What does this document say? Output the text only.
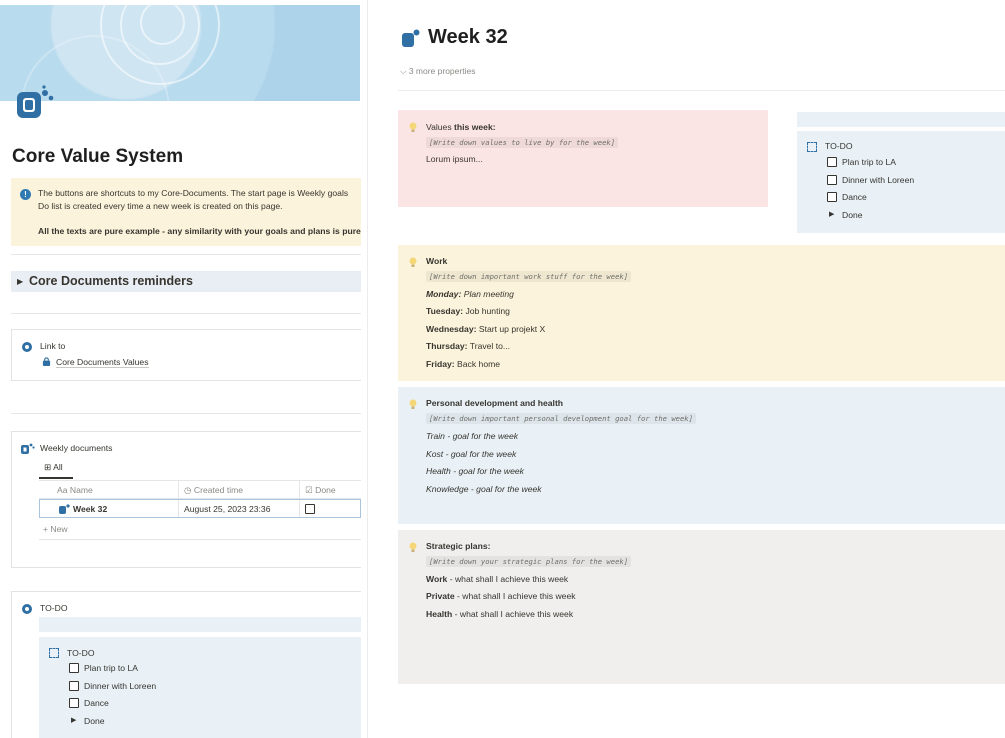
Core Value System
!	The buttons are shortcuts to my Core-Documents. The start page is Weekly goals
Do list is created every time a new week is created on this page.
All the texts are pure example - any similarity with your goals and plans is pure
▶ Core Documents reminders
Link to
Core Documents Values
Weekly documents
⊞ All
Aa Name	◷ Created time	☑ Done
Week 32	August 25, 2023 23:36
+ New
TO-DO
TO-DO
Plan trip to LA
Dinner with Loreen
Dance
▶ Done
Week 32
⌵ 3 more properties
Values this week:
[Write down values to live by for the week]
Lorum ipsum...
TO-DO
Plan trip to LA
Dinner with Loreen
Dance
▶ Done
Work
[Write down important work stuff for the week]
Monday: Plan meeting
Tuesday: Job hunting
Wednesday: Start up projekt X
Thursday: Travel to...
Friday: Back home
Personal development and health
[Write down important personal development goal for the week]
Train - goal for the week
Kost - goal for the week
Health - goal for the week
Knowledge - goal for the week
Strategic plans:
[Write down your strategic plans for the week]
Work - what shall I achieve this week
Private - what shall I achieve this week
Health - what shall I achieve this week
